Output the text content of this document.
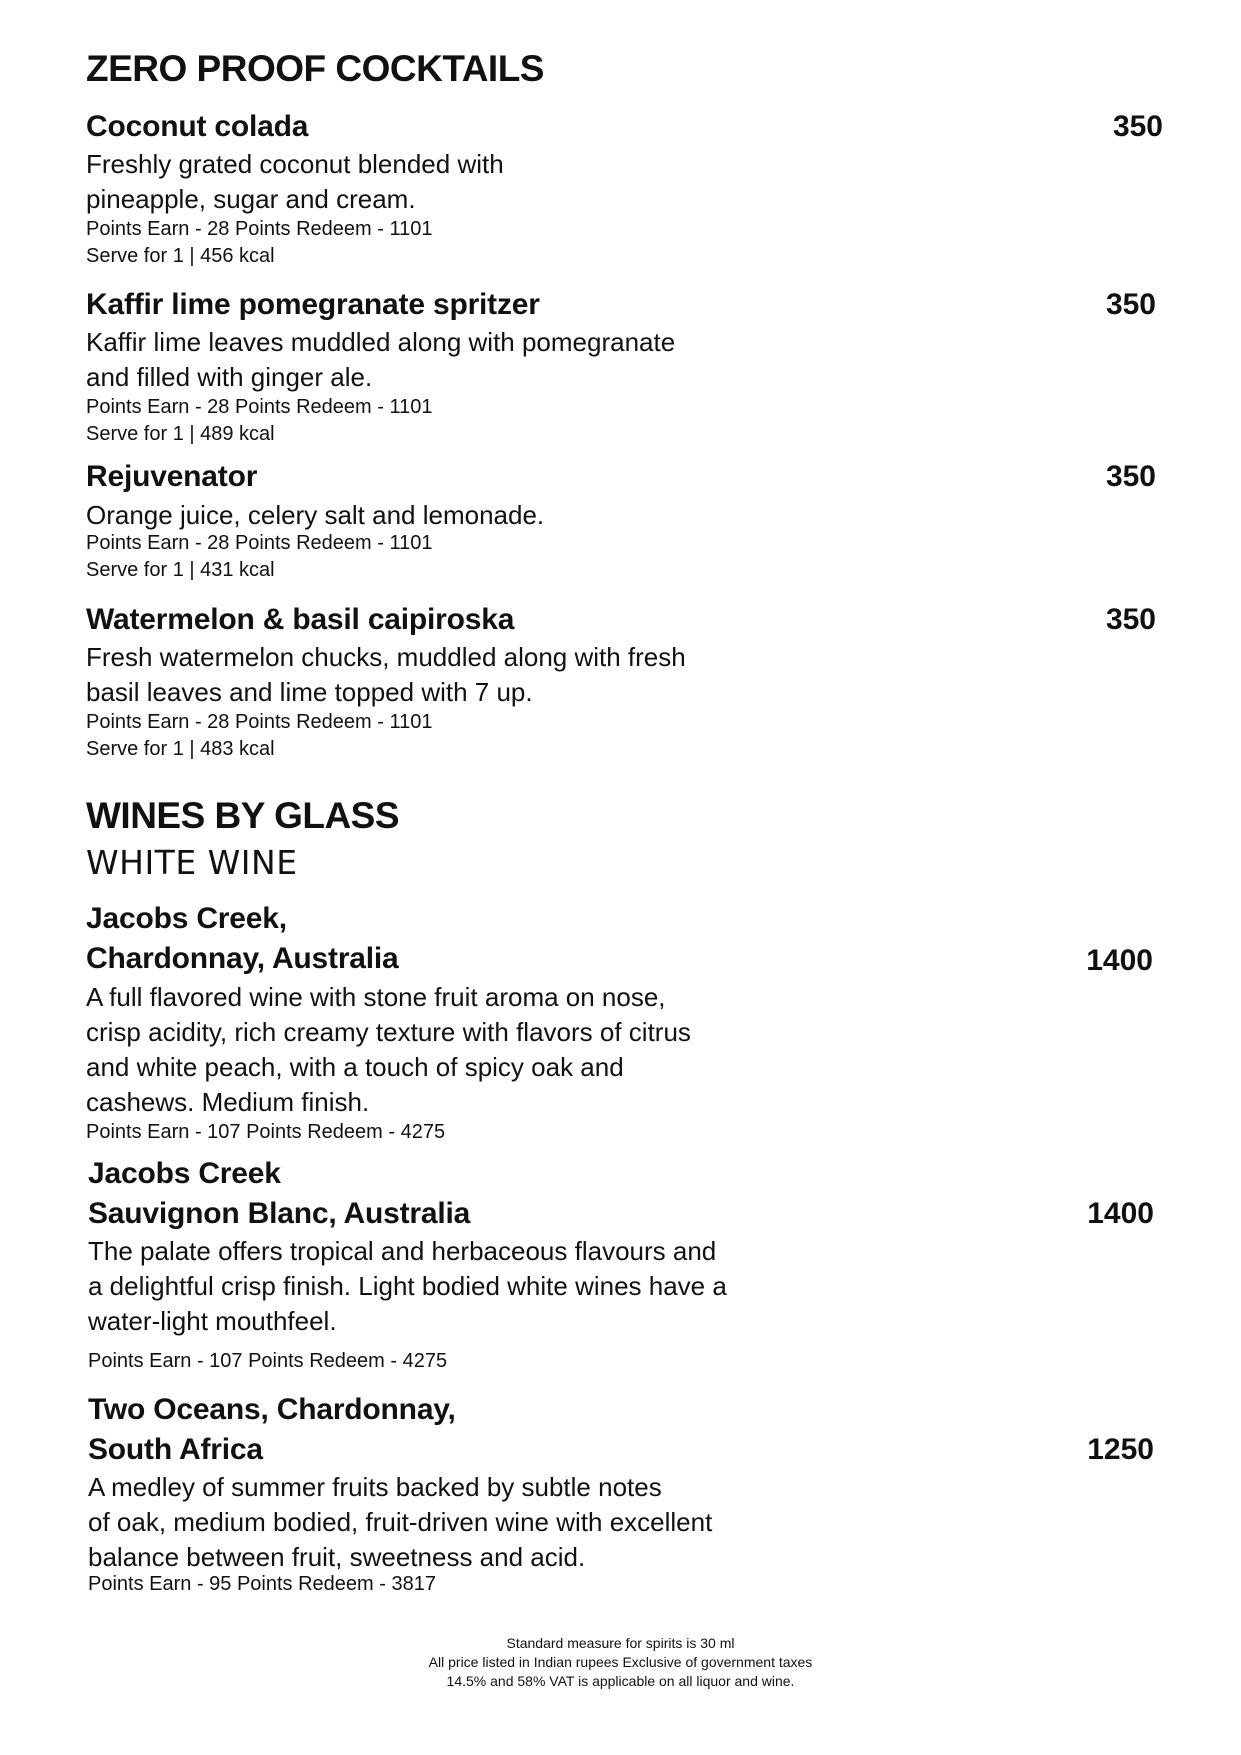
ZERO PROOF COCKTAILS
Coconut colada	350
Freshly grated coconut blended with
pineapple, sugar and cream.
Points Earn - 28 Points Redeem - 1101
Serve for 1 | 456 kcal
Kaffir lime pomegranate spritzer	350
Kaffir lime leaves muddled along with pomegranate
and filled with ginger ale.
Points Earn - 28 Points Redeem - 1101
Serve for 1 | 489 kcal
Rejuvenator	350
Orange juice, celery salt and lemonade.
Points Earn - 28 Points Redeem - 1101
Serve for 1 | 431 kcal
Watermelon & basil caipiroska	350
Fresh watermelon chucks, muddled along with fresh
basil leaves and lime topped with 7 up.
Points Earn - 28 Points Redeem - 1101
Serve for 1 | 483 kcal
WINES BY GLASS
WHITE WINE
Jacobs Creek,
Chardonnay, Australia	1400
A full flavored wine with stone fruit aroma on nose,
crisp acidity, rich creamy texture with flavors of citrus
and white peach, with a touch of spicy oak and
cashews. Medium finish.
Points Earn - 107 Points Redeem - 4275
Jacobs Creek
Sauvignon Blanc, Australia	1400
The palate offers tropical and herbaceous flavours and
a delightful crisp finish. Light bodied white wines have a
water-light mouthfeel.
Points Earn - 107 Points Redeem - 4275
Two Oceans, Chardonnay,
South Africa	1250
A medley of summer fruits backed by subtle notes
of oak, medium bodied, fruit-driven wine with excellent
balance between fruit, sweetness and acid.
Points Earn - 95 Points Redeem - 3817
Standard measure for spirits is 30 ml
All price listed in Indian rupees Exclusive of government taxes
14.5% and 58% VAT is applicable on all liquor and wine.
